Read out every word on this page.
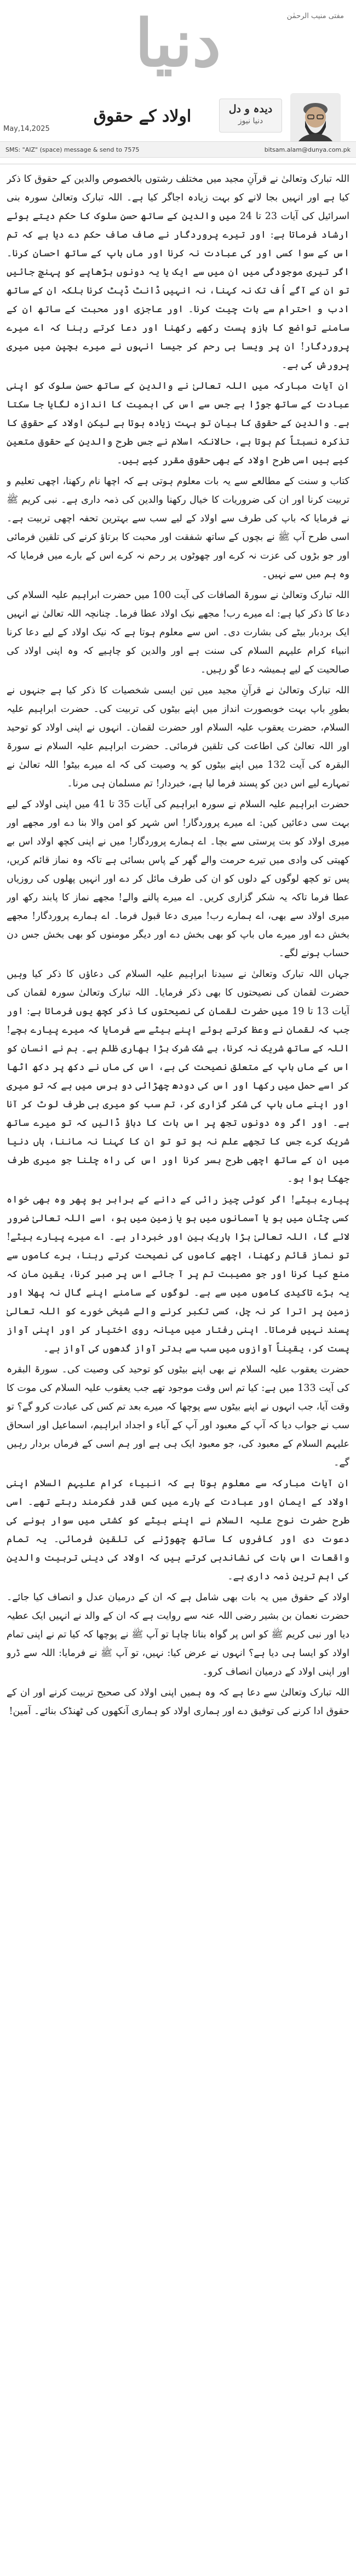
دنیا	مفتی منیب الرحمٰن
دیدہ و دل
دنیا نیوز
اولاد کے حقوق
May,14,2025
SMS: "AIZ" (space) message & send to 7575	bitsam.alam@dunya.com.pk

اللہ تبارک وتعالیٰ نے قرآنِ مجید میں مختلف رشتوں بالخصوص والدین کے حقوق کا ذکر کیا ہے اور انہیں بجا لانے کو بہت زیادہ اجاگر کیا ہے۔ اللہ تبارک وتعالیٰ سورہ بنی اسرائیل کی آیات 23 تا 24 میں والدین کے ساتھ حسنِ سلوک کا حکم دیتے ہوئے ارشاد فرماتا ہے: اور تیرے پروردگار نے صاف صاف حکم دے دیا ہے کہ تم اس کے سوا کسی اور کی عبادت نہ کرنا اور ماں باپ کے ساتھ احسان کرنا۔ اگر تیری موجودگی میں ان میں سے ایک یا یہ دونوں بڑھاپے کو پہنچ جائیں تو ان کے آگے اُف تک نہ کہنا، نہ انہیں ڈانٹ ڈپٹ کرنا بلکہ ان کے ساتھ ادب و احترام سے بات چیت کرنا۔ اور عاجزی اور محبت کے ساتھ ان کے سامنے تواضع کا بازو پست رکھے رکھنا اور دعا کرتے رہنا کہ اے میرے پروردگار! ان پر ویسا ہی رحم کر جیسا انہوں نے میرے بچپن میں میری پرورش کی ہے۔

ان آیات مبارکہ میں اللہ تعالیٰ نے والدین کے ساتھ حسنِ سلوک کو اپنی عبادت کے ساتھ جوڑا ہے جس سے اس کی اہمیت کا اندازہ لگایا جا سکتا ہے۔ والدین کے حقوق کا بیان تو بہت زیادہ ہوتا ہے لیکن اولاد کے حقوق کا تذکرہ نسبتاً کم ہوتا ہے، حالانکہ اسلام نے جس طرح والدین کے حقوق متعین کیے ہیں اسی طرح اولاد کے بھی حقوق مقرر کیے ہیں۔

کتاب و سنت کے مطالعے سے یہ بات معلوم ہوتی ہے کہ اچھا نام رکھنا، اچھی تعلیم و تربیت کرنا اور ان کی ضروریات کا خیال رکھنا والدین کی ذمہ داری ہے۔ نبی کریم ﷺ نے فرمایا کہ باپ کی طرف سے اولاد کے لیے سب سے بہترین تحفہ اچھی تربیت ہے۔ اسی طرح آپ ﷺ نے بچوں کے ساتھ شفقت اور محبت کا برتاؤ کرنے کی تلقین فرمائی اور جو بڑوں کی عزت نہ کرے اور چھوٹوں پر رحم نہ کرے اس کے بارے میں فرمایا کہ وہ ہم میں سے نہیں۔

اللہ تبارک وتعالیٰ نے سورۃ الصافات کی آیت 100 میں حضرت ابراہیم علیہ السلام کی دعا کا ذکر کیا ہے: اے میرے رب! مجھے نیک اولاد عطا فرما۔ چنانچہ اللہ تعالیٰ نے انہیں ایک بردبار بیٹے کی بشارت دی۔ اس سے معلوم ہوتا ہے کہ نیک اولاد کے لیے دعا کرنا انبیاء کرام علیہم السلام کی سنت ہے اور والدین کو چاہیے کہ وہ اپنی اولاد کی صالحیت کے لیے ہمیشہ دعا گو رہیں۔

اللہ تبارک وتعالیٰ نے قرآنِ مجید میں تین ایسی شخصیات کا ذکر کیا ہے جنہوں نے بطورِ باپ بہت خوبصورت انداز میں اپنے بیٹوں کی تربیت کی۔ حضرت ابراہیم علیہ السلام، حضرت یعقوب علیہ السلام اور حضرت لقمان۔ انہوں نے اپنی اولاد کو توحید اور اللہ تعالیٰ کی اطاعت کی تلقین فرمائی۔ حضرت ابراہیم علیہ السلام نے سورۃ البقرہ کی آیت 132 میں اپنے بیٹوں کو یہ وصیت کی کہ اے میرے بیٹو! اللہ تعالیٰ نے تمہارے لیے اس دین کو پسند فرما لیا ہے، خبردار! تم مسلمان ہی مرنا۔

حضرت ابراہیم علیہ السلام نے سورہ ابراہیم کی آیات 35 تا 41 میں اپنی اولاد کے لیے بہت سی دعائیں کیں: اے میرے پروردگار! اس شہر کو امن والا بنا دے اور مجھے اور میری اولاد کو بت پرستی سے بچا۔ اے ہمارے پروردگار! میں نے اپنی کچھ اولاد اس بے کھیتی کی وادی میں تیرے حرمت والے گھر کے پاس بسائی ہے تاکہ وہ نماز قائم کریں، پس تو کچھ لوگوں کے دلوں کو ان کی طرف مائل کر دے اور انہیں پھلوں کی روزیاں عطا فرما تاکہ یہ شکر گزاری کریں۔ اے میرے پالنے والے! مجھے نماز کا پابند رکھ اور میری اولاد سے بھی، اے ہمارے رب! میری دعا قبول فرما۔ اے ہمارے پروردگار! مجھے بخش دے اور میرے ماں باپ کو بھی بخش دے اور دیگر مومنوں کو بھی بخش جس دن حساب ہونے لگے۔

جہاں اللہ تبارک وتعالیٰ نے سیدنا ابراہیم علیہ السلام کی دعاؤں کا ذکر کیا وہیں حضرت لقمان کی نصیحتوں کا بھی ذکر فرمایا۔ اللہ تبارک وتعالیٰ سورہ لقمان کی آیات 13 تا 19 میں حضرت لقمان کی نصیحتوں کا ذکر کچھ یوں فرماتا ہے: اور جب کہ لقمان نے وعظ کرتے ہوئے اپنے بیٹے سے فرمایا کہ میرے پیارے بچے! اللہ کے ساتھ شریک نہ کرنا، بے شک شرک بڑا بھاری ظلم ہے۔ ہم نے انسان کو اس کے ماں باپ کے متعلق نصیحت کی ہے، اس کی ماں نے دکھ پر دکھ اٹھا کر اسے حمل میں رکھا اور اس کی دودھ چھڑائی دو برس میں ہے کہ تو میری اور اپنے ماں باپ کی شکر گزاری کر، تم سب کو میری ہی طرف لوٹ کر آنا ہے۔ اور اگر وہ دونوں تجھ پر اس بات کا دباؤ ڈالیں کہ تو میرے ساتھ شریک کرے جس کا تجھے علم نہ ہو تو تو ان کا کہنا نہ ماننا، ہاں دنیا میں ان کے ساتھ اچھی طرح بسر کرنا اور اس کی راہ چلنا جو میری طرف جھکا ہوا ہو۔

پیارے بیٹے! اگر کوئی چیز رائی کے دانے کے برابر ہو پھر وہ بھی خواہ کسی چٹان میں ہو یا آسمانوں میں ہو یا زمین میں ہو، اسے اللہ تعالیٰ ضرور لائے گا، اللہ تعالیٰ بڑا باریک بین اور خبردار ہے۔ اے میرے پیارے بیٹے! تو نماز قائم رکھنا، اچھے کاموں کی نصیحت کرتے رہنا، برے کاموں سے منع کیا کرنا اور جو مصیبت تم پر آ جائے اس پر صبر کرنا، یقین مان کہ یہ بڑے تاکیدی کاموں میں سے ہے۔ لوگوں کے سامنے اپنے گال نہ پھلا اور زمین پر اترا کر نہ چل، کسی تکبر کرنے والے شیخی خورے کو اللہ تعالیٰ پسند نہیں فرماتا۔ اپنی رفتار میں میانہ روی اختیار کر اور اپنی آواز پست کر، یقیناً آوازوں میں سب سے بدتر آواز گدھوں کی آواز ہے۔

حضرت یعقوب علیہ السلام نے بھی اپنے بیٹوں کو توحید کی وصیت کی۔ سورۃ البقرہ کی آیت 133 میں ہے: کیا تم اس وقت موجود تھے جب یعقوب علیہ السلام کی موت کا وقت آیا، جب انہوں نے اپنے بیٹوں سے پوچھا کہ میرے بعد تم کس کی عبادت کرو گے؟ تو سب نے جواب دیا کہ آپ کے معبود اور آپ کے آباء و اجداد ابراہیم، اسماعیل اور اسحاق علیہم السلام کے معبود کی، جو معبود ایک ہی ہے اور ہم اسی کے فرماں بردار رہیں گے۔

ان آیات مبارکہ سے معلوم ہوتا ہے کہ انبیاء کرام علیہم السلام اپنی اولاد کے ایمان اور عبادت کے بارے میں کس قدر فکرمند رہتے تھے۔ اسی طرح حضرت نوح علیہ السلام نے اپنے بیٹے کو کشتی میں سوار ہونے کی دعوت دی اور کافروں کا ساتھ چھوڑنے کی تلقین فرمائی۔ یہ تمام واقعات اس بات کی نشاندہی کرتے ہیں کہ اولاد کی دینی تربیت والدین کی اہم ترین ذمہ داری ہے۔

اولاد کے حقوق میں یہ بات بھی شامل ہے کہ ان کے درمیان عدل و انصاف کیا جائے۔ حضرت نعمان بن بشیر رضی اللہ عنہ سے روایت ہے کہ ان کے والد نے انہیں ایک عطیہ دیا اور نبی کریم ﷺ کو اس پر گواہ بنانا چاہا تو آپ ﷺ نے پوچھا کہ کیا تم نے اپنی تمام اولاد کو ایسا ہی دیا ہے؟ انہوں نے عرض کیا: نہیں، تو آپ ﷺ نے فرمایا: اللہ سے ڈرو اور اپنی اولاد کے درمیان انصاف کرو۔

اللہ تبارک وتعالیٰ سے دعا ہے کہ وہ ہمیں اپنی اولاد کی صحیح تربیت کرنے اور ان کے حقوق ادا کرنے کی توفیق دے اور ہماری اولاد کو ہماری آنکھوں کی ٹھنڈک بنائے۔ آمین!
